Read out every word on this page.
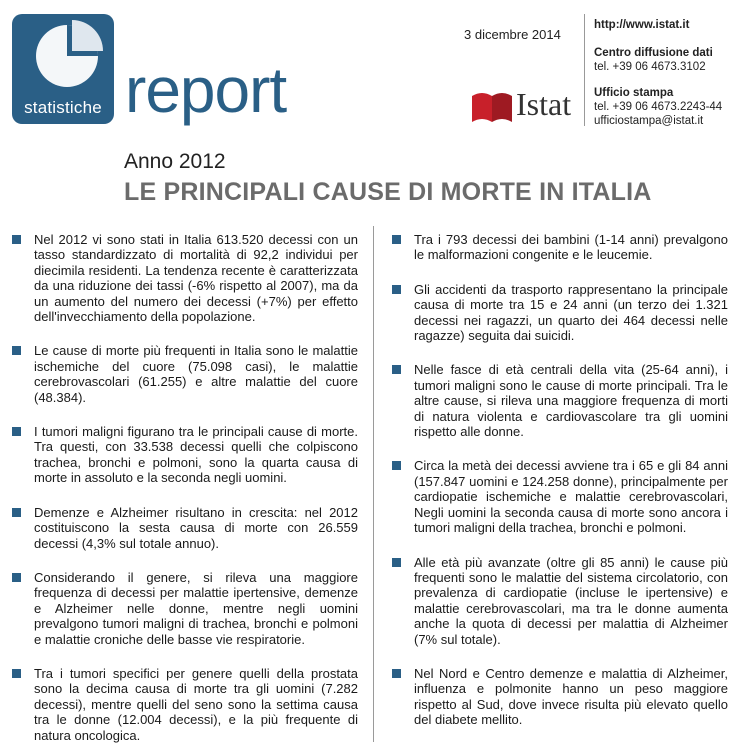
statistiche report
3 dicembre 2014
Istat
http://www.istat.it
Centro diffusione dati
tel. +39 06 4673.3102
Ufficio stampa
tel. +39 06 4673.2243-44
ufficiostampa@istat.it
Anno 2012
LE PRINCIPALI CAUSE DI MORTE IN ITALIA
Nel 2012 vi sono stati in Italia 613.520 decessi con un tasso standardizzato di mortalità di 92,2 individui per diecimila residenti. La tendenza recente è caratterizzata da una riduzione dei tassi (-6% rispetto al 2007), ma da un aumento del numero dei decessi (+7%) per effetto dell'invecchiamento della popolazione.
Le cause di morte più frequenti in Italia sono le malattie ischemiche del cuore (75.098 casi), le malattie cerebrovascolari (61.255) e altre malattie del cuore (48.384).
I tumori maligni figurano tra le principali cause di morte. Tra questi, con 33.538 decessi quelli che colpiscono trachea, bronchi e polmoni, sono la quarta causa di morte in assoluto e la seconda negli uomini.
Demenze e Alzheimer risultano in crescita: nel 2012 costituiscono la sesta causa di morte con 26.559 decessi (4,3% sul totale annuo).
Considerando il genere, si rileva una maggiore frequenza di decessi per malattie ipertensive, demenze e Alzheimer nelle donne, mentre negli uomini prevalgono tumori maligni di trachea, bronchi e polmoni e malattie croniche delle basse vie respiratorie.
Tra i tumori specifici per genere quelli della prostata sono la decima causa di morte tra gli uomini (7.282 decessi), mentre quelli del seno sono la settima causa tra le donne (12.004 decessi), e la più frequente di natura oncologica.
Tra i 793 decessi dei bambini (1-14 anni) prevalgono le malformazioni congenite e le leucemie.
Gli accidenti da trasporto rappresentano la principale causa di morte tra 15 e 24 anni (un terzo dei 1.321 decessi nei ragazzi, un quarto dei 464 decessi nelle ragazze) seguita dai suicidi.
Nelle fasce di età centrali della vita (25-64 anni), i tumori maligni sono le cause di morte principali. Tra le altre cause, si rileva una maggiore frequenza di morti di natura violenta e cardiovascolare tra gli uomini rispetto alle donne.
Circa la metà dei decessi avviene tra i 65 e gli 84 anni (157.847 uomini e 124.258 donne), principalmente per cardiopatie ischemiche e malattie cerebrovascolari, Negli uomini la seconda causa di morte sono ancora i tumori maligni della trachea, bronchi e polmoni.
Alle età più avanzate (oltre gli 85 anni) le cause più frequenti sono le malattie del sistema circolatorio, con prevalenza di cardiopatie (incluse le ipertensive) e malattie cerebrovascolari, ma tra le donne aumenta anche la quota di decessi per malattia di Alzheimer (7% sul totale).
Nel Nord e Centro demenze e malattia di Alzheimer, influenza e polmonite hanno un peso maggiore rispetto al Sud, dove invece risulta più elevato quello del diabete mellito.
